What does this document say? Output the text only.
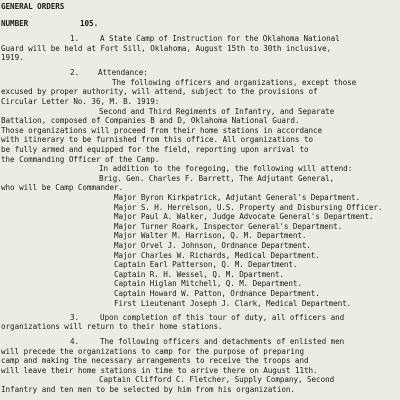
GENERAL ORDERS
NUMBER	105.
1.	A State Camp of Instruction for the Oklahoma National
Guard will be held at Fort Sill, Oklahoma, August 15th to 30th inclusive,
1919.
2. Attendance:
The following officers and organizations, except those
excused by proper authority, will attend, subject to the provisions of
Circular Letter No. 36, M. B. 1919:
Second and Third Regiments of Infantry, and Separate
Battalion, composed of Companies B and D, Oklahoma National Guard.
Those organizations will proceed from their home stations in accordance
with itinerary to be furnished from this office. All organizations to
be fully armed and equipped for the field, reporting upon arrival to
the Commanding Officer of the Camp.
In addition to the foregoing, the following will attend:
Brig. Gen. Charles F. Barrett, The Adjutant General,
who will be Camp Commander.
Major Byron Kirkpatrick, Adjutant General's Department.
Major S. H. Herrelson, U.S. Property and Disbursing Officer.
Major Paul A. Walker, Judge Advocate General's Department.
Major Turner Roark, Inspector General's Department.
Major Walter M. Harrison, Q. M. Department.
Major Orvel J. Johnson, Ordnance Department.
Major Charles W. Richards, Medical Department.
Captain Earl Patterson, Q. M. Department.
Captain R. H. Wessel, Q. M. Dpartment.
Captain Higlan Mitchell, Q. M. Department.
Captain Howard W. Patton, Ordnance Department.
First Lieutenant Joseph J. Clark, Medical Department.
3.	Upon completion of this tour of duty, all officers and
organizations will return to their home stations.
4.	The following officers and detachments of enlisted men
will precede the organizations to camp for the purpose of preparing
camp and making the necessary arrangements to receive the troops and
will leave their home stations in time to arrive there on August 11th.
Captain Clifford C. Fletcher, Supply Company, Second
Infantry and ten men to be selected by him from his organization.
